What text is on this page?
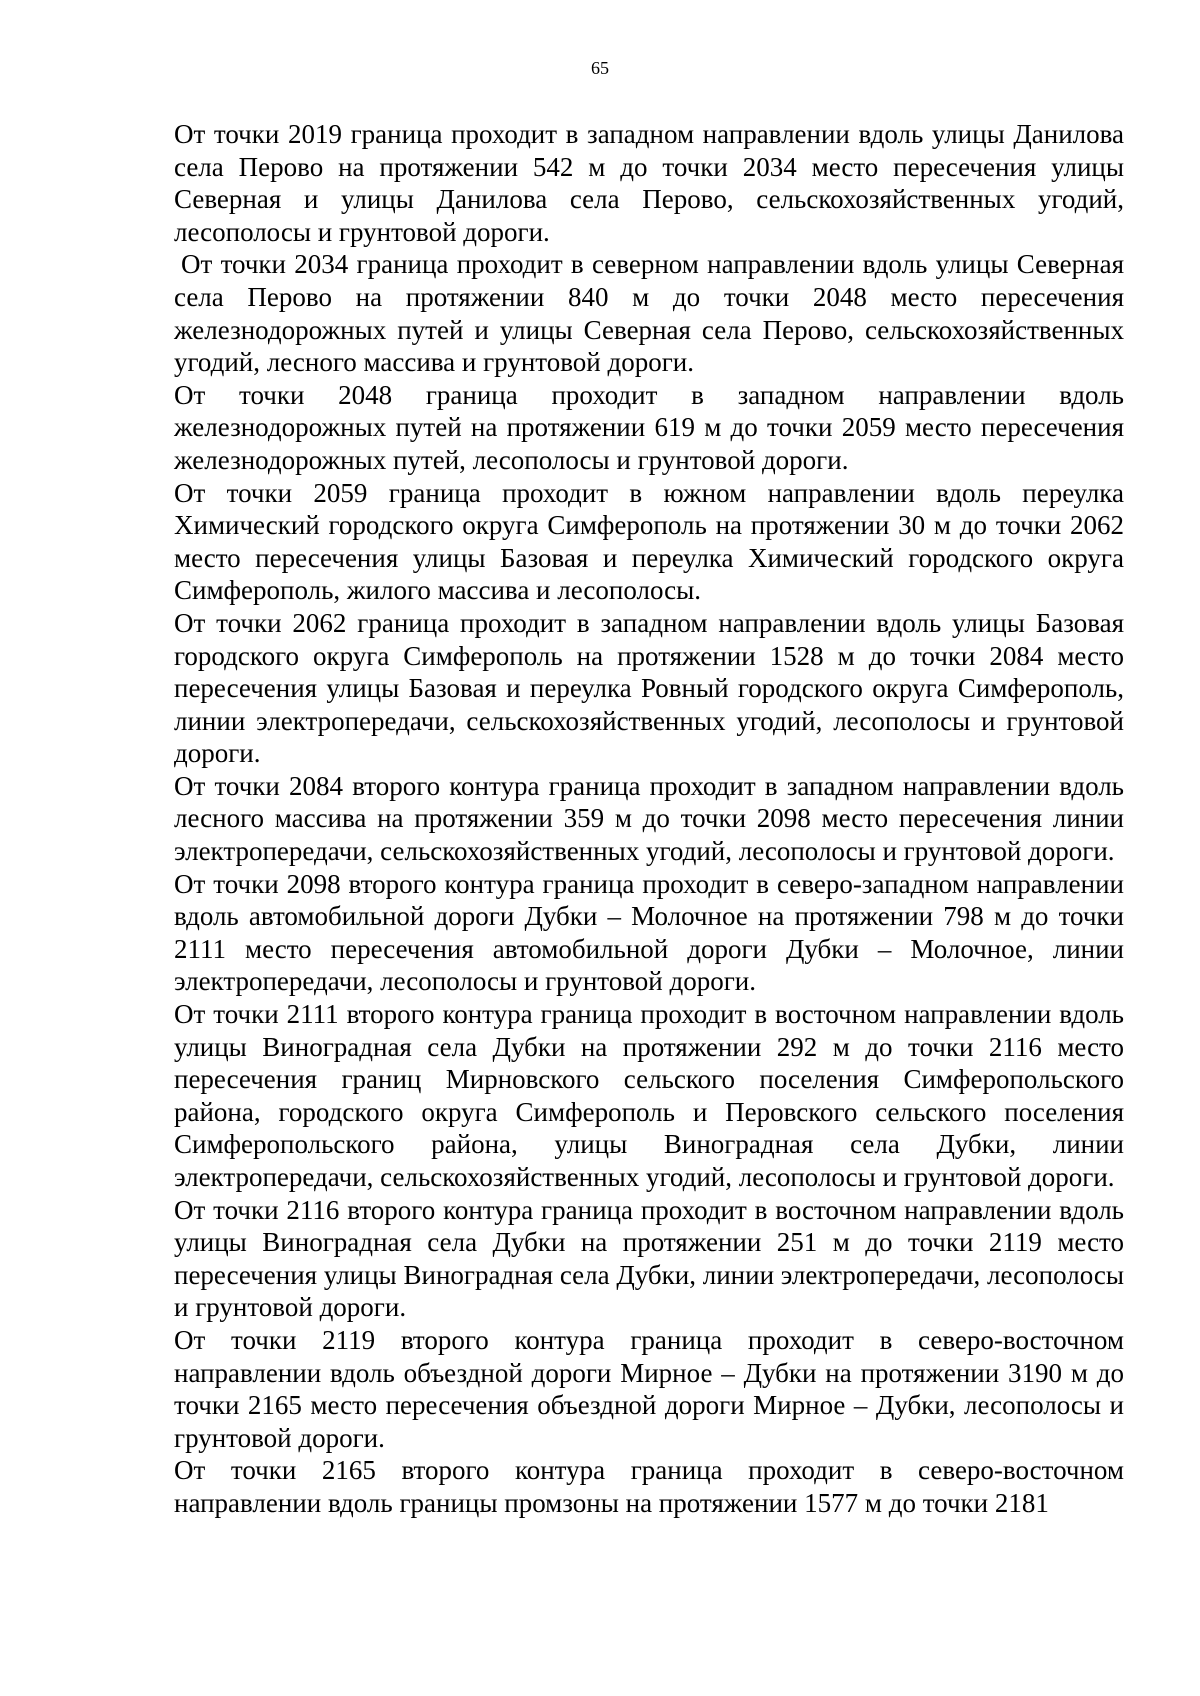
65

От точки 2019 граница проходит в западном направлении вдоль улицы Данилова села Перово на протяжении 542 м до точки 2034 место пересечения улицы Северная и улицы Данилова села Перово, сельскохозяйственных угодий, лесополосы и грунтовой дороги.

От точки 2034 граница проходит в северном направлении вдоль улицы Северная села Перово на протяжении 840 м до точки 2048 место пересечения железнодорожных путей и улицы Северная села Перово, сельскохозяйственных угодий, лесного массива и грунтовой дороги.

От точки 2048 граница проходит в западном направлении вдоль железнодорожных путей на протяжении 619 м до точки 2059 место пересечения железнодорожных путей, лесополосы и грунтовой дороги.

От точки 2059 граница проходит в южном направлении вдоль переулка Химический городского округа Симферополь на протяжении 30 м до точки 2062 место пересечения улицы Базовая и переулка Химический городского округа Симферополь, жилого массива и лесополосы.

От точки 2062 граница проходит в западном направлении вдоль улицы Базовая городского округа Симферополь на протяжении 1528 м до точки 2084 место пересечения улицы Базовая и переулка Ровный городского округа Симферополь, линии электропередачи, сельскохозяйственных угодий, лесополосы и грунтовой дороги.

От точки 2084 второго контура граница проходит в западном направлении вдоль лесного массива на протяжении 359 м до точки 2098 место пересечения линии электропередачи, сельскохозяйственных угодий, лесополосы и грунтовой дороги.

От точки 2098 второго контура граница проходит в северо-западном направлении вдоль автомобильной дороги Дубки – Молочное на протяжении 798 м до точки 2111 место пересечения автомобильной дороги Дубки – Молочное, линии электропередачи, лесополосы и грунтовой дороги.

От точки 2111 второго контура граница проходит в восточном направлении вдоль улицы Виноградная села Дубки на протяжении 292 м до точки 2116 место пересечения границ Мирновского сельского поселения Симферопольского района, городского округа Симферополь и Перовского сельского поселения Симферопольского района, улицы Виноградная села Дубки, линии электропередачи, сельскохозяйственных угодий, лесополосы и грунтовой дороги.

От точки 2116 второго контура граница проходит в восточном направлении вдоль улицы Виноградная села Дубки на протяжении 251 м до точки 2119 место пересечения улицы Виноградная села Дубки, линии электропередачи, лесополосы и грунтовой дороги.

От точки 2119 второго контура граница проходит в северо-восточном направлении вдоль объездной дороги Мирное – Дубки на протяжении 3190 м до точки 2165 место пересечения объездной дороги Мирное – Дубки, лесополосы и грунтовой дороги.

От точки 2165 второго контура граница проходит в северо-восточном направлении вдоль границы промзоны на протяжении 1577 м до точки 2181
